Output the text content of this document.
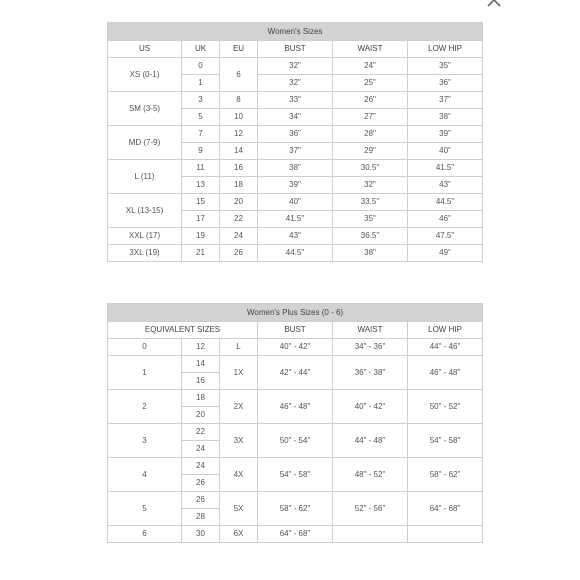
Women's Sizes					
US	UK	EU	BUST	WAIST	LOW HIP
XS (0-1)	0	6	32"	24"	35"
	1		32"	25"	36"
SM (3-5)	3	8	33"	26"	37"
	5	10	34"	27"	38"
MD (7-9)	7	12	36"	28"	39"
	9	14	37"	29"	40"
L (11)	11	16	38"	30.5"	41.5"
	13	18	39"	32"	43"
XL (13-15)	15	20	40"	33.5"	44.5"
	17	22	41.5"	35"	46"
XXL (17)	19	24	43"	36.5"	47.5"
3XL (19)	21	26	44.5"	38"	49"
Women's Plus Sizes (0 - 6)					
EQUIVALENT SIZES			BUST	WAIST	LOW HIP
0	12	L	40" - 42"	34" - 36"	44" - 46"
1	14	1X	42" - 44"	36" - 38"	46" - 48"
	16				
2	18	2X	46" - 48"	40" - 42"	50" - 52"
	20				
3	22	3X	50" - 54"	44" - 48"	54" - 58"
	24				
4	24	4X	54" - 58"	48" - 52"	58" - 62"
	26				
5	26	5X	58" - 62"	52" - 56"	64" - 68"
	28				
6	30	6X	64" - 68"		
